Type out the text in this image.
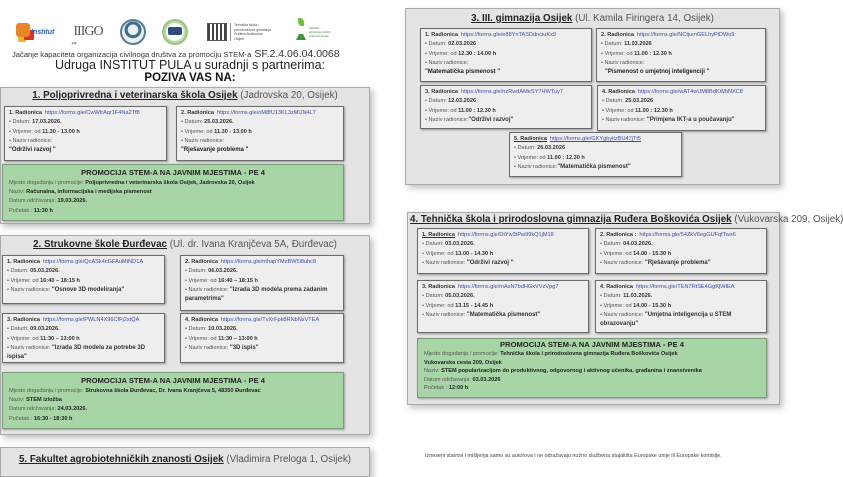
Institut IIIGO
III. gimnazija Osijek
Tehnička škola i
prirodoslovna gimnazija
Ruđera Boškovića
Osijek
Fakultet
agrobiotehničkih
znanosti Osijek
Jačanje kapaciteta organizacija civilnoga društva za promociju STEM-a SF.2.4.06.04.0068
Udruga INSTITUT PULA u suradnji s partnerima:
POZIVA VAS NA:
1. Poljoprivredna i veterinarska škola Osijek (Jadrovska 20, Osijek)
1. Radionica https://forms.gle/CwWfrAqr1F4Na2Tf8
• Datum: 17.03.2026.
• Vrijeme: od 11.30 - 13.00 h
• Naziv radionice:
"Održivi razvoj "
2. Radionica https://forms.gle/oM8fU13KL3zMUN4L7
• Datum: 25.03.2026.
• Vrijeme: od 11.30 - 13.00 h
• Naziv radionice:
"Rješavanje problema "
PROMOCIJA STEM-A NA JAVNIM MJESTIMA - PE 4
Mjesto događanja / promocije: Poljoprivredna i veterinarska škola Osijek, Jadrovska 20, Osijek
Naziv: Računalna, informacijska i medijska pismenost
Datum održavanja: 19.03.2026.
Početak : 11:30 h
2. Strukovne škole Đurđevac (Ul. dr. Ivana Kranjčeva 5A, Đurđevac)
1. Radionica https://forms.gle/QcASk4cGFAuMtND1A
• Datum: 05.03.2026.
• Vrijeme: od 16:40 – 18:15 h
• Naziv radionice: "Osnove 3D modeliranja"
2. Radionica https://forms.gle/nthapYMzBW5i8uhc8
• Datum: 06.03.2026.
• Vrijeme: od 16:40 – 18:15 h
• Naziv radionice: "Izrada 3D modela prema zadanim parametrima"
3. Radionica https://forms.gle/PWLN4X96CfFj2stQA
• Datum: 09.03.2026.
• Vrijeme: od 11:30 – 13:00 h
• Naziv radionice: "Izrada 3D modela za potrebe 3D ispisa"
4. Radionica https://forms.gle/TvXrFpk8RNbNsVTEA
• Datum: 10.03.2026.
• Vrijeme: od 11:30 – 13:00 h
• Naziv radionice: "3D ispis"
PROMOCIJA STEM-A NA JAVNIM MJESTIMA - PE 4
Mjesto događanja / promocije: Strukovna škola Đurđevac, Dr. Ivana Kranjčeva 5, 48350 Đurđevac
Naziv: STEM izložba
Datum održavanja: 24.03.2026.
Početak : 16:30 - 18:30 h
5. Fakultet agrobiotehničkih znanosti Osijek (Vladimira Preloga 1, Osijek)
3. III. gimnazija Osijek (Ul. Kamila Firingera 14, Osijek)
1. Radionica https://forms.gle/e88YnTASDdnciuKx9
• Datum: 02.03.2026
• Vrijeme: od 12.30 : 14.00 h
• Naziv radionice:
"Matematička pismenost "
2. Radionica https://forms.gle/NCtjumGELhyPiDWo9
• Datum: 11.03.2026
• Vrijeme: od 11.00 : 12.30 h
• Naziv radionice:
"Pismenost o umjetnoj inteligenciji "
3. Radionica https://forms.gle/nzRwdAMeSY7HWTuy7
• Datum: 12.03.2026
• Vrijeme: od 11.00 : 12.30 h
• Naziv radionice:"Održivi razvoj"
4. Radionica https://forms.gle/wAT4wUM8BdKWbNXC8
• Datum: 25.03.2026
• Vrijeme: od 11.00 : 12.30 h
• Naziv radionice: "Primjena IKT-a u poučavanju"
5. Radionica https://forms.gle/GKYgbyitzBU47jTt5
• Datum: 26.03.2026
• Vrijeme: od 11.00 : 12.30 h
• Naziv radionice:"Matematička pismenost"
4. Tehnička škola i prirodoslovna gimnazija Ruđera Boškovića Osijek (Vukovarska 209, Osijek)
1. Radionica https://forms.gle/DtYw3tPw99kQ1jM18
• Datum: 03.03.2026.
• Vrijeme: od 13.00 - 14.30 h
• Naziv radionice: "Održivi razvoj "
2. Radionica : https://forms.gle/54ZkV6egGUFqfTws6
• Datum: 04.03.2026.
• Vrijeme: od 14.00 - 15.30 h
• Naziv radionice: "Rješavanje problema"
3. Radionica https://forms.gle/mAsN7bdHGxVVzVpg7
• Datum: 05.03.2026.
• Vrijeme: od 13.15 - 14.45 h
• Naziv radionice: "Matematička pismenost"
4. Radionica https://forms.gle/TEN7RtSE4GgKjWIEA
• Datum: 11.03.2026.
• Vrijeme: od 14.00 - 15.30 h
• Naziv radionice: "Umjetna inteligencija u STEM obrazovanju"
PROMOCIJA STEM-A NA JAVNIM MJESTIMA - PE 4
Mjesto događanja / promocije: Tehnička škola i prirodoslovna gimnazija Ruđera Boškovića Osijek
Vukovarska cesta 209, Osijek
Naziv: STEM popularizacijom do produktivnog, odgovornog i aktivnog učenika, građanina i znanstvenika
Datum održavanja: 03.03.2026
Početak : 12:00 h
Izneseni stavovi i mišljenja samo su autorova i ne odražavaju nužno službena stajališta Europske unije ili Europske komisije.
